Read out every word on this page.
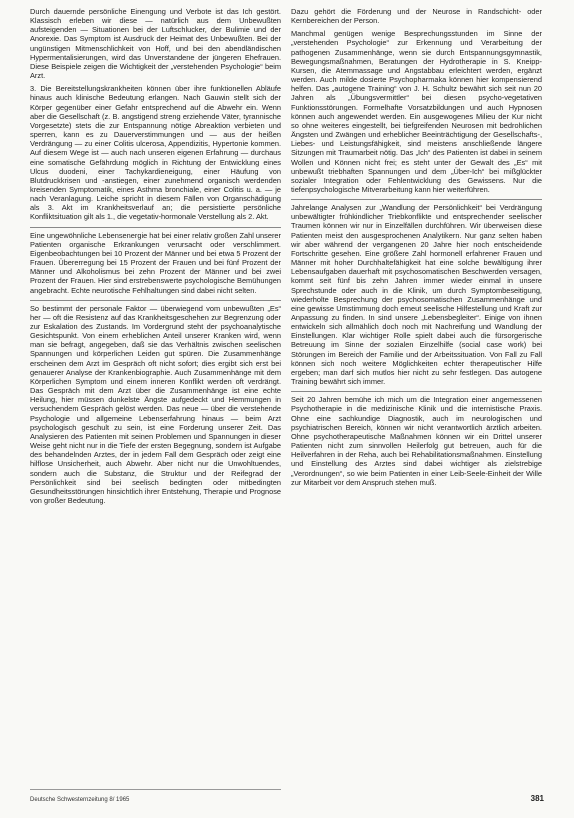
Durch dauernde persönliche Einengung und Verbote ist das Ich gestört. Klassisch erleben wir diese — natürlich aus dem Unbewußten aufsteigenden — Situationen bei der Luftschlucker, der Bulimie und der Anorexie. Das Symptom ist Ausdruck der Heimat des Unbewußten. Bei der ungünstigen Mitmenschlichkeit von Hoff, und bei den abendländischen Hypermentalisierungen, wird das Unverstandene der jüngeren Ehefrauen. Diese Beispiele zeigen die Wichtigkeit der „verstehenden Psychologie“ beim Arzt.

3. Die Bereitstellungskrankheiten können über ihre funktionellen Abläufe hinaus auch klinische Bedeutung erlangen. Nach Gauwin stellt sich der Körper gegenüber einer Gefahr entsprechend auf die Abwehr ein. Wenn aber die Gesellschaft (z. B. angstigend streng erziehende Väter, tyrannische Vorgesetzte) stets die zur Entspannung nötige Abreaktion verbieten und sperren, kann es zu Dauerverstimmungen und — aus der heißen Verdrängung — zu einer Colitis ulcerosa, Appendizitis, Hypertonie kommen. Auf diesem Wege ist — auch nach unseren eigenen Erfahrung — durchaus eine somatische Gefährdung möglich in Richtung der Entwicklung eines Ulcus duodeni, einer Tachykardieneigung, einer Häufung von Blutdruckkrisen und -anstiegen, einer zunehmend organisch werdenden kreisenden Symptomatik, eines Asthma bronchiale, einer Colitis u. a. — je nach Veranlagung. Leiche spricht in diesem Fällen von Organschädigung als 3. Akt im Krankheitsverlauf an; die persistierte persönliche Konfliktsituation gilt als 1., die vegetativ-hormonale Verstellung als 2. Akt.

Eine ungewöhnliche Lebensenergie hat bei einer relativ großen Zahl unserer Patienten organische Erkrankungen verursacht oder verschlimmert. Eigenbeobachtungen bei 10 Prozent der Männer und bei etwa 5 Prozent der Frauen. Übererregung bei 15 Prozent der Frauen und bei fünf Prozent der Männer und Alkoholismus bei zehn Prozent der Männer und bei zwei Prozent der Frauen. Hier sind erstrebenswerte psychologische Bemühungen angebracht. Echte neurotische Fehlhaltungen sind dabei nicht selten.

So bestimmt der personale Faktor — überwiegend vom unbewußten „Es“ her — oft die Resistenz auf das Krankheitsgeschehen zur Begrenzung oder zur Eskalation des Zustands. Im Vordergrund steht der psychoanalytische Gesichtspunkt. Von einem erheblichen Anteil unserer Kranken wird, wenn man sie befragt, angegeben, daß sie das Verhältnis zwischen seelischen Spannungen und körperlichen Leiden gut spüren. Die Zusammenhänge erscheinen dem Arzt im Gespräch oft nicht sofort; dies ergibt sich erst bei genauerer Analyse der Krankenbiographie. Auch Zusammenhänge mit dem Körperlichen Symptom und einem inneren Konflikt werden oft verdrängt. Das Gespräch mit dem Arzt über die Zusammenhänge ist eine echte Heilung, hier müssen dunkelste Ängste aufgedeckt und Hemmungen in versuchendem Gespräch gelöst werden. Das neue — über die verstehende Psychologie und allgemeine Lebenserfahrung hinaus — beim Arzt psychologisch geschult zu sein, ist eine Forderung unserer Zeit. Das Analysieren des Patienten mit seinen Problemen und Spannungen in dieser Weise geht nicht nur in die Tiefe der ersten Begegnung, sondern ist Aufgabe des behandelnden Arztes, der in jedem Fall dem Gespräch oder zeigt eine hilflose Unsicherheit, auch Abwehr. Aber nicht nur die Unwohltuendes, sondern auch die Substanz, die Struktur und der Reifegrad der Persönlichkeit sind bei seelisch bedingten oder mitbedingten Gesundheitsstörungen hinsichtlich ihrer Entstehung, Therapie und Prognose von großer Bedeutung.

Dazu gehört die Förderung und der Neurose in Randschicht- oder Kernbereichen der Person.

Manchmal genügen wenige Besprechungsstunden im Sinne der „verstehenden Psychologie“ zur Erkennung und Verarbeitung der pathogenen Zusammenhänge, wenn sie durch Entspannungsgymnastik, Bewegungsmaßnahmen, Beratungen der Hydrotherapie in S. Kneipp-Kursen, die Atemmassage und Angstabbau erleichtert werden, ergänzt werden. Auch milde dosierte Psychopharmaka können hier kompensierend helfen. Das „autogene Training“ von J. H. Schultz bewährt sich seit nun 20 Jahren als „Übungsvermittler“ bei diesen psycho-vegetativen Funktionsstörungen. Formelhafte Vorsatzbildungen und auch Hypnosen können auch angewendet werden. Ein ausgewogenes Milieu der Kur nicht so ohne weiteres eingestellt, bei tiefgreifenden Neurosen mit bedrohlichen Ängsten und Zwängen und erheblicher Beeinträchtigung der Gesellschafts-, Liebes- und Leistungsfähigkeit, sind meistens anschließende längere Sitzungen mit Traumarbeit nötig. Das „Ich“ des Patienten ist dabei in seinem Wollen und Können nicht frei; es steht unter der Gewalt des „Es“ mit unbewußt triebhaften Spannungen und dem „Über-Ich“ bei mißglückter sozialer Integration oder Fehlentwicklung des Gewissens. Nur die tiefenpsychologische Mitverarbeitung kann hier weiterführen.

Jahrelange Analysen zur „Wandlung der Persönlichkeit“ bei Verdrängung unbewältigter frühkindlicher Triebkonflikte und entsprechender seelischer Traumen können wir nur in Einzelfällen durchführen. Wir überweisen diese Patienten meist den ausgesprochenen Analytikern. Nur ganz selten haben wir aber während der vergangenen 20 Jahre hier noch entscheidende Fortschritte gesehen. Eine größere Zahl hormonell erfahrener Frauen und Männer mit hoher Durchhaltefähigkeit hat eine solche bewältigung ihrer Lebensaufgaben dauerhaft mit psychosomatischen Beschwerden versagen, kommt seit fünf bis zehn Jahren immer wieder einmal in unsere Sprechstunde oder auch in die Klinik, um durch Symptombeseitigung, wiederholte Besprechung der psychosomatischen Zusammenhänge und eine gewisse Umstimmung doch erneut seelische Hilfestellung und Kraft zur Anpassung zu finden. In sind unsere „Lebensbegleiter“. Einige von ihnen entwickeln sich allmählich doch noch mit Nachreifung und Wandlung der Einstellungen. Klar wichtiger Rolle spielt dabei auch die fürsorgerische Betreuung im Sinne der sozialen Einzelhilfe (social case work) bei Störungen im Bereich der Familie und der Arbeitssituation. Von Fall zu Fall können sich noch weitere Möglichkeiten echter therapeutischer Hilfe ergeben; man darf sich mutlos hier nicht zu sehr festlegen. Das autogene Training bewährt sich immer.

Seit 20 Jahren bemühe ich mich um die Integration einer angemessenen Psychotherapie in die medizinische Klinik und die internistische Praxis. Ohne eine sachkundige Diagnostik, auch im neurologischen und psychiatrischen Bereich, können wir nicht verantwortlich ärztlich arbeiten. Ohne psychotherapeutische Maßnahmen können wir ein Drittel unserer Patienten nicht zum sinnvollen Heilerfolg gut betreuen, auch für die Heilverfahren in der Reha, auch bei Rehabilitationsmaßnahmen. Einstellung und Einstellung des Arztes sind dabei wichtiger als zielstrebige „Verordnungen“, so wie beim Patienten in einer Leib-Seele-Einheit der Wille zur Mitarbeit vor dem Anspruch stehen muß.

Deutsche Schwesternzeitung 8/ 1965	381
